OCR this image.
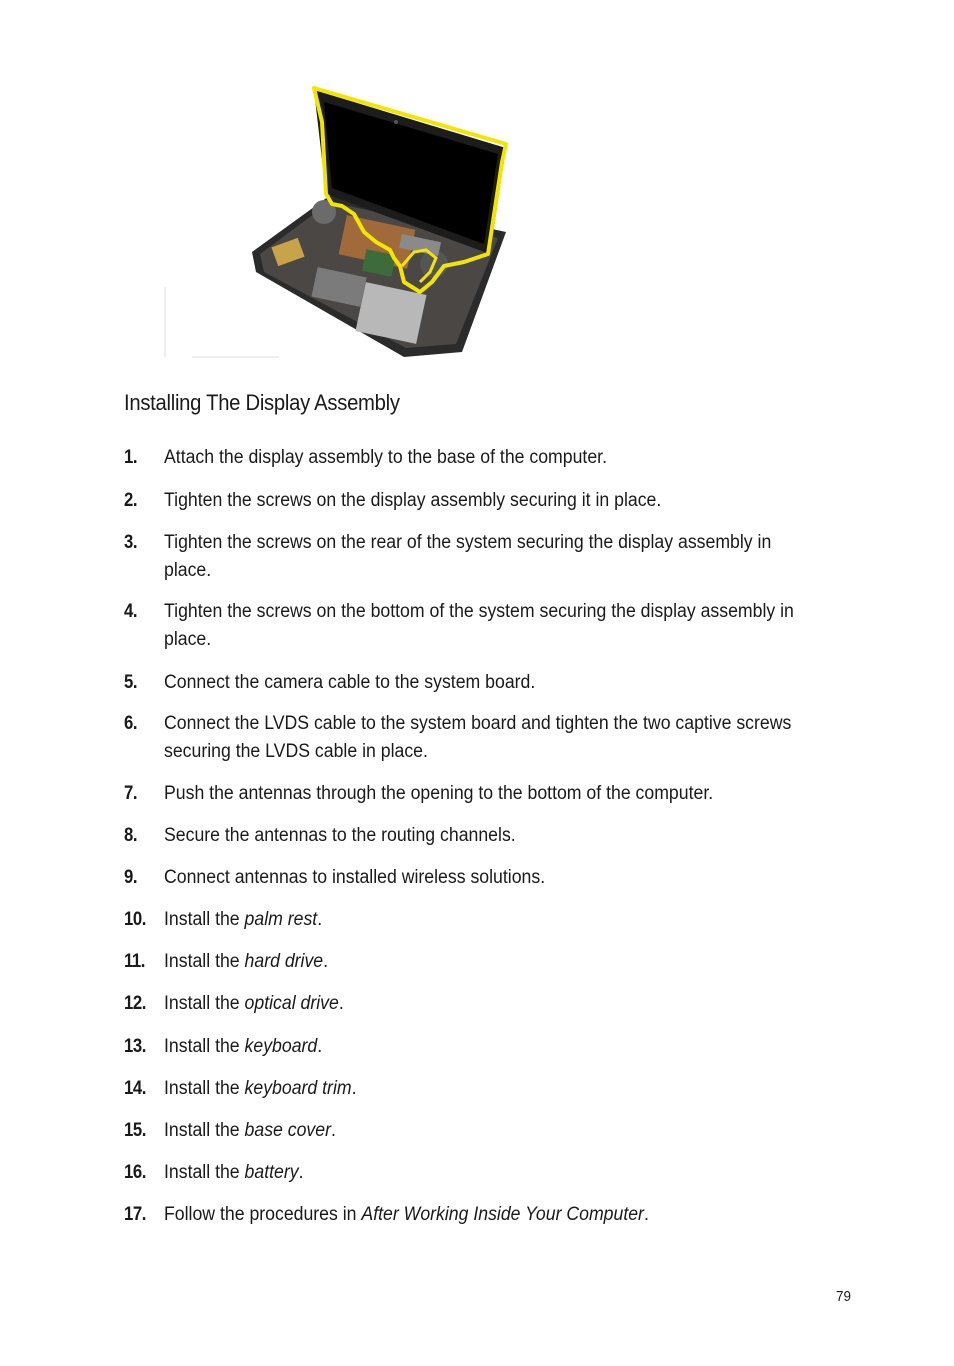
Installing The Display Assembly
1. Attach the display assembly to the base of the computer.
2. Tighten the screws on the display assembly securing it in place.
3. Tighten the screws on the rear of the system securing the display assembly in place.
4. Tighten the screws on the bottom of the system securing the display assembly in place.
5. Connect the camera cable to the system board.
6. Connect the LVDS cable to the system board and tighten the two captive screws securing the LVDS cable in place.
7. Push the antennas through the opening to the bottom of the computer.
8. Secure the antennas to the routing channels.
9. Connect antennas to installed wireless solutions.
10. Install the palm rest.
11. Install the hard drive.
12. Install the optical drive.
13. Install the keyboard.
14. Install the keyboard trim.
15. Install the base cover.
16. Install the battery.
17. Follow the procedures in After Working Inside Your Computer.
79
